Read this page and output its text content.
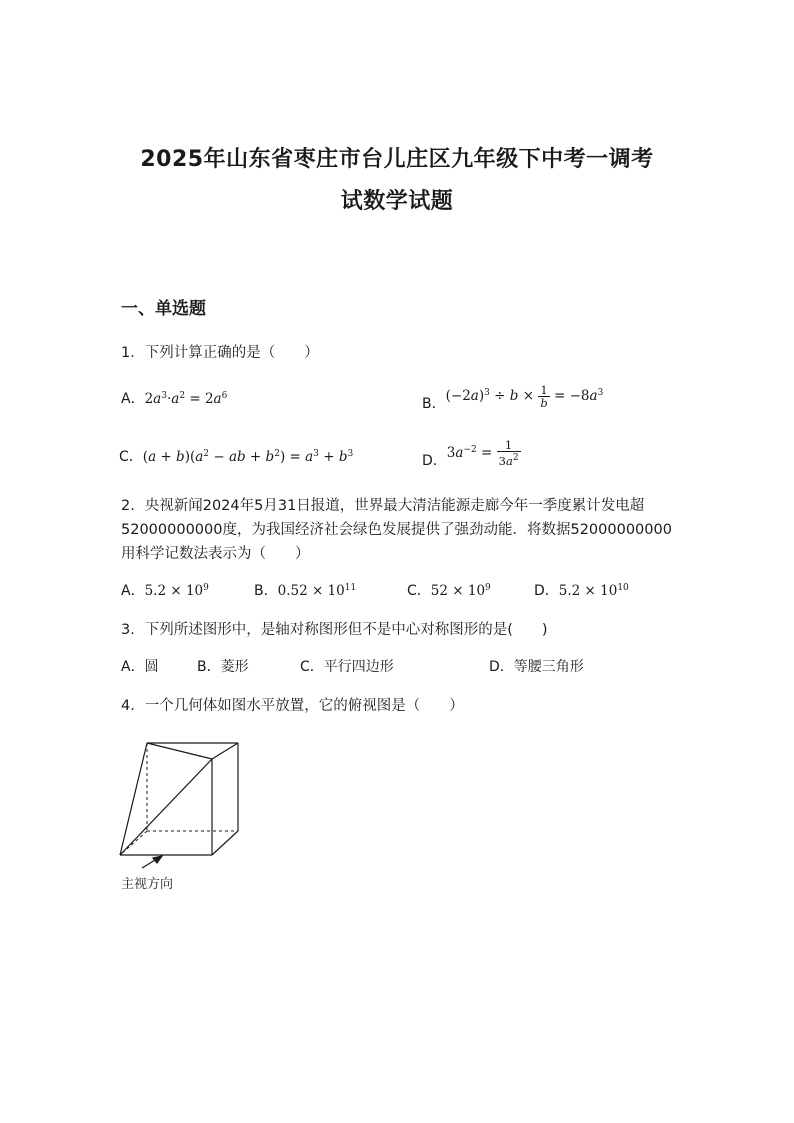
2025年山东省枣庄市台儿庄区九年级下中考一调考
试数学试题
一、单选题
1．下列计算正确的是（　　）
A．$2a^3\cdot a^2 = 2a^6$	B．$(-2a)^3 \div b \times \frac{1}{b} = -8a^3$
C．$(a + b)(a^2$ − ab + $b^2) = a^3 + b^3$	D．$3a^{-2} = \frac{1}{3a^2}$
2．央视新闻2024年5月31日报道，世界最大清洁能源走廊今年一季度累计发电超
52000000000度，为我国经济社会绿色发展提供了强劲动能．将数据52000000000
用科学记数法表示为（　　）
A．$5.2 \times 10^9$	B．$0.52 \times 10^{11}$	C．$52 \times 10^9$	D．$5.2 \times 10^{10}$
3．下列所述图形中，是轴对称图形但不是中心对称图形的是(　　)
A．圆	B．菱形	C．平行四边形	D．等腰三角形
4．一个几何体如图水平放置，它的俯视图是（　　）
主视方向
